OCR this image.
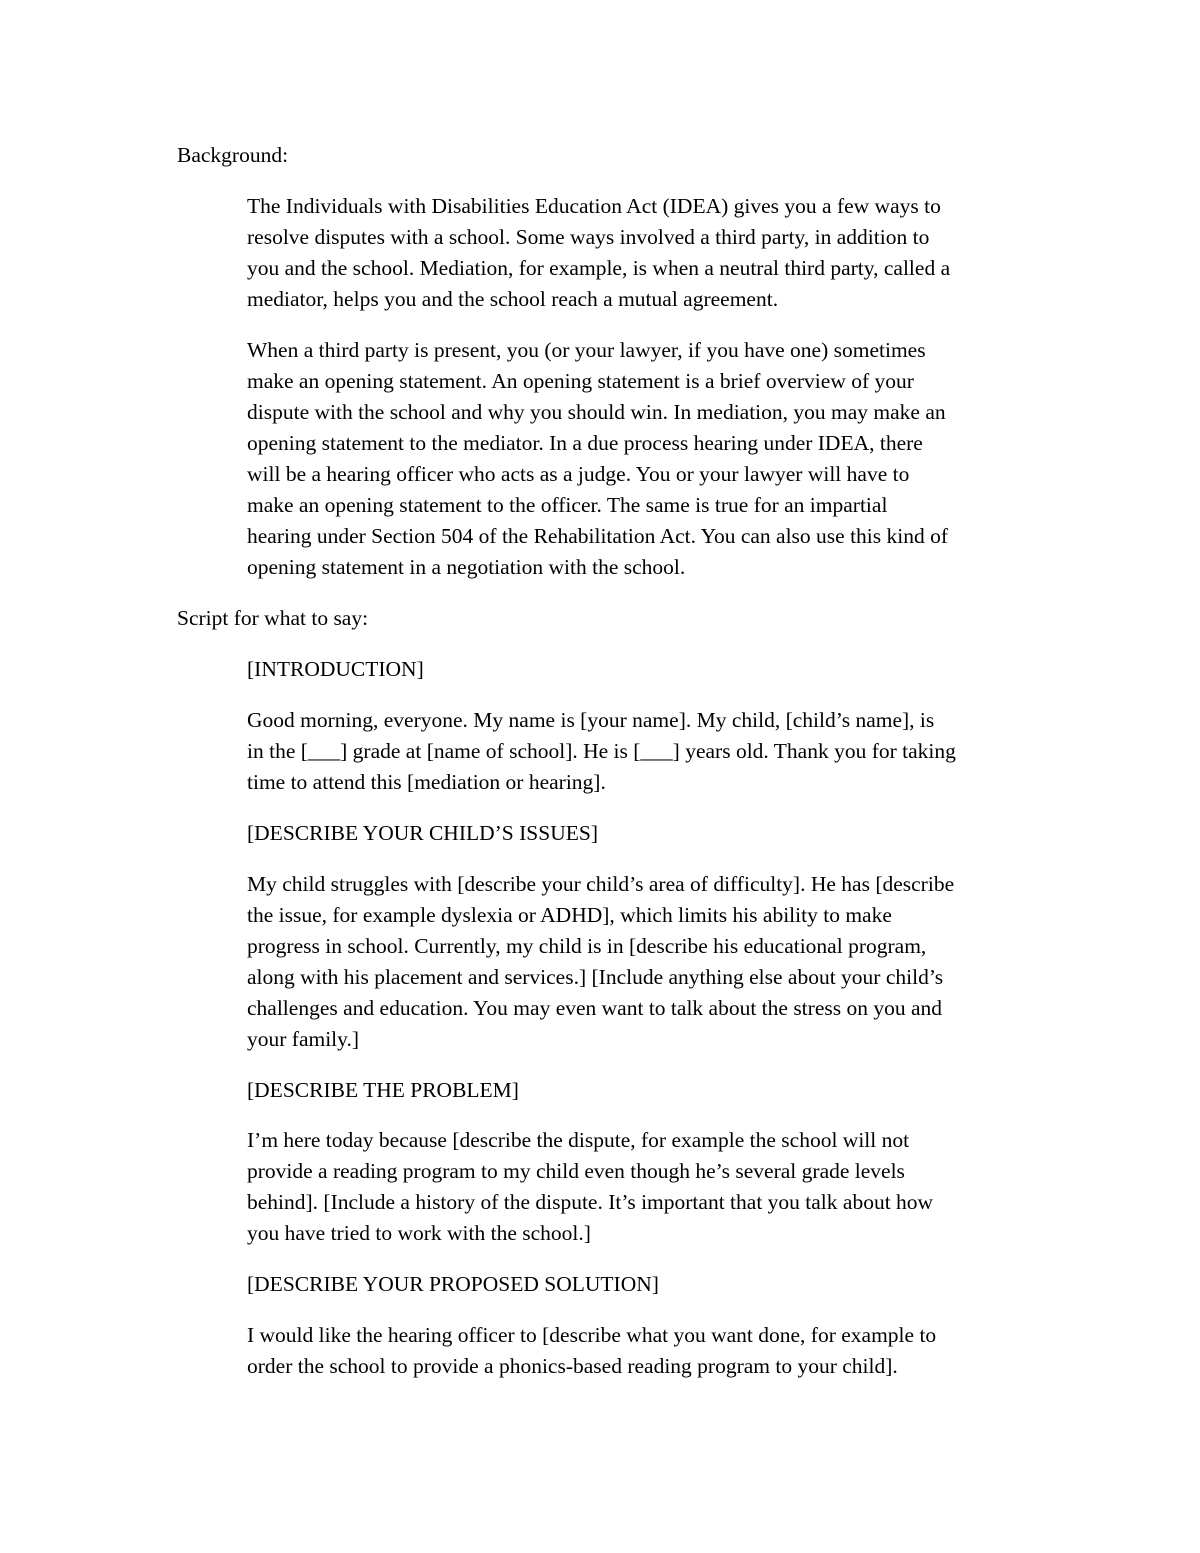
Background:

The Individuals with Disabilities Education Act (IDEA) gives you a few ways to
resolve disputes with a school. Some ways involved a third party, in addition to
you and the school. Mediation, for example, is when a neutral third party, called a
mediator, helps you and the school reach a mutual agreement.
When a third party is present, you (or your lawyer, if you have one) sometimes
make an opening statement. An opening statement is a brief overview of your
dispute with the school and why you should win. In mediation, you may make an
opening statement to the mediator. In a due process hearing under IDEA, there
will be a hearing officer who acts as a judge. You or your lawyer will have to
make an opening statement to the officer. The same is true for an impartial
hearing under Section 504 of the Rehabilitation Act. You can also use this kind of
opening statement in a negotiation with the school.

Script for what to say:

[INTRODUCTION]
Good morning, everyone. My name is [your name]. My child, [child’s name], is
in the [___] grade at [name of school]. He is [___] years old. Thank you for taking
time to attend this [mediation or hearing].
[DESCRIBE YOUR CHILD’S ISSUES]
My child struggles with [describe your child’s area of difficulty]. He has [describe
the issue, for example dyslexia or ADHD], which limits his ability to make
progress in school. Currently, my child is in [describe his educational program,
along with his placement and services.] [Include anything else about your child’s
challenges and education. You may even want to talk about the stress on you and
your family.]
[DESCRIBE THE PROBLEM]
I’m here today because [describe the dispute, for example the school will not
provide a reading program to my child even though he’s several grade levels
behind]. [Include a history of the dispute. It’s important that you talk about how
you have tried to work with the school.]
[DESCRIBE YOUR PROPOSED SOLUTION]
I would like the hearing officer to [describe what you want done, for example to
order the school to provide a phonics-based reading program to your child].
